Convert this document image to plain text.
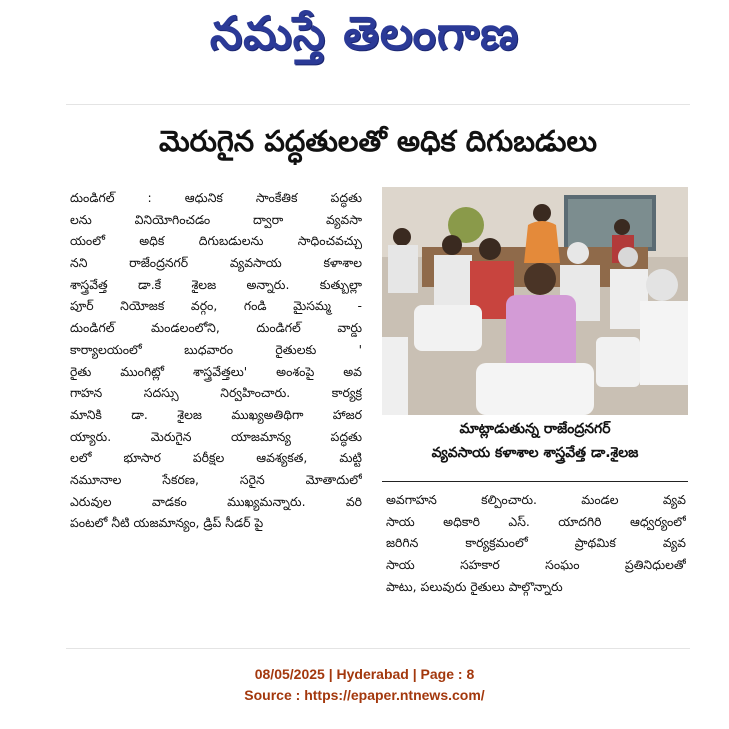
నమస్తే తెలంగాణ
మెరుగైన పద్ధతులతో అధిక దిగుబడులు
దుండిగల్ : ఆధునిక సాంకేతిక పద్ధతు
లను వినియోగించడం ద్వారా వ్యవసా
యంలో అధిక దిగుబడులను సాధించవచ్చు
నని రాజేంద్రనగర్ వ్యవసాయ కళాశాల
శాస్త్రవేత్త డా.కే శైలజ అన్నారు. కుత్బుల్లా
పూర్ నియోజక వర్గం, గండి మైసమ్మ -
దుండిగల్ మండలంలోని, దుండిగల్ వార్డు
కార్యాలయంలో బుధవారం రైతులకు '
రైతు ముంగిట్లో శాస్త్రవేత్తలు' అంశంపై అవ
గాహన సదస్సు నిర్వహించారు. కార్యక్ర
మానికి డా. శైలజ ముఖ్యఅతిథిగా హాజర
య్యారు. మెరుగైన యాజమాన్య పద్ధతు
లలో భూసార పరీక్షల ఆవశ్యకత, మట్టి
నమూనాల సేకరణ, సరైన మోతాదులో
ఎరువుల వాడకం ముఖ్యమన్నారు. వరి
పంటలో నీటి యజమాన్యం, డ్రిప్ సీడర్ పై
మాట్లాడుతున్న రాజేంద్రనగర్
వ్యవసాయ కళాశాల శాస్త్రవేత్త డా.శైలజ
అవగాహన కల్పించారు. మండల వ్యవ
సాయ అధికారి ఎస్. యాదగిరి ఆధ్వర్యంలో
జరిగిన కార్యక్రమంలో ప్రాథమిక వ్యవ
సాయ సహకార సంఘం ప్రతినిధులతో
పాటు, పలువురు రైతులు పాల్గొన్నారు
08/05/2025 | Hyderabad | Page : 8
Source : https://epaper.ntnews.com/
